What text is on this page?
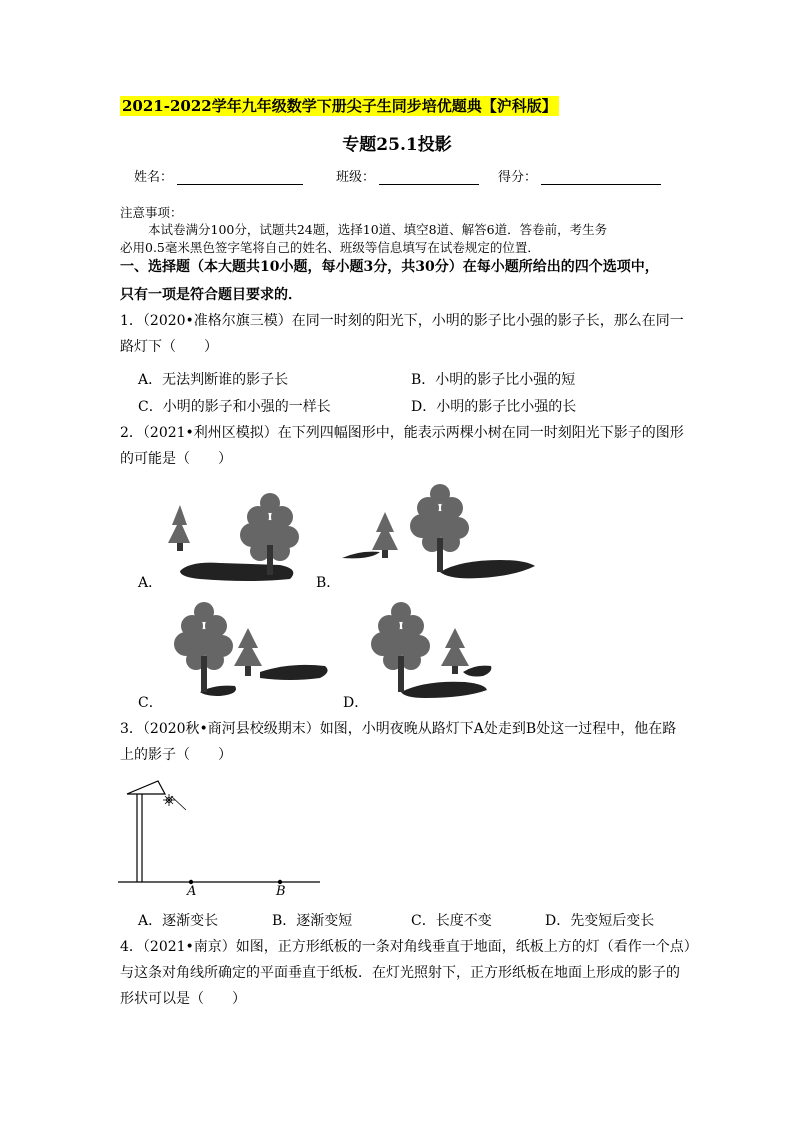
2021-2022学年九年级数学下册尖子生同步培优题典【沪科版】
专题25.1投影
姓名：	班级：	得分：
注意事项：
本试卷满分100分，试题共24题，选择10道、填空8道、解答6道．答卷前，考生务
必用0.5毫米黑色签字笔将自己的姓名、班级等信息填写在试卷规定的位置．
一、选择题（本大题共10小题，每小题3分，共30分）在每小题所给出的四个选项中，
只有一项是符合题目要求的．
1．（2020•准格尔旗三模）在同一时刻的阳光下，小明的影子比小强的影子长，那么在同一
路灯下（　　）
A．无法判断谁的影子长	B．小明的影子比小强的短
C．小明的影子和小强的一样长	D．小明的影子比小强的长
2．（2021•利州区模拟）在下列四幅图形中，能表示两棵小树在同一时刻阳光下影子的图形
的可能是（　　）
A．	B．
C．	D．
3．（2020秋•商河县校级期末）如图，小明夜晚从路灯下A处走到B处这一过程中，他在路
上的影子（　　）
A	B
A．逐渐变长	B．逐渐变短	C．长度不变	D．先变短后变长
4．（2021•南京）如图，正方形纸板的一条对角线垂直于地面，纸板上方的灯（看作一个点）
与这条对角线所确定的平面垂直于纸板．在灯光照射下，正方形纸板在地面上形成的影子的
形状可以是（　　）
